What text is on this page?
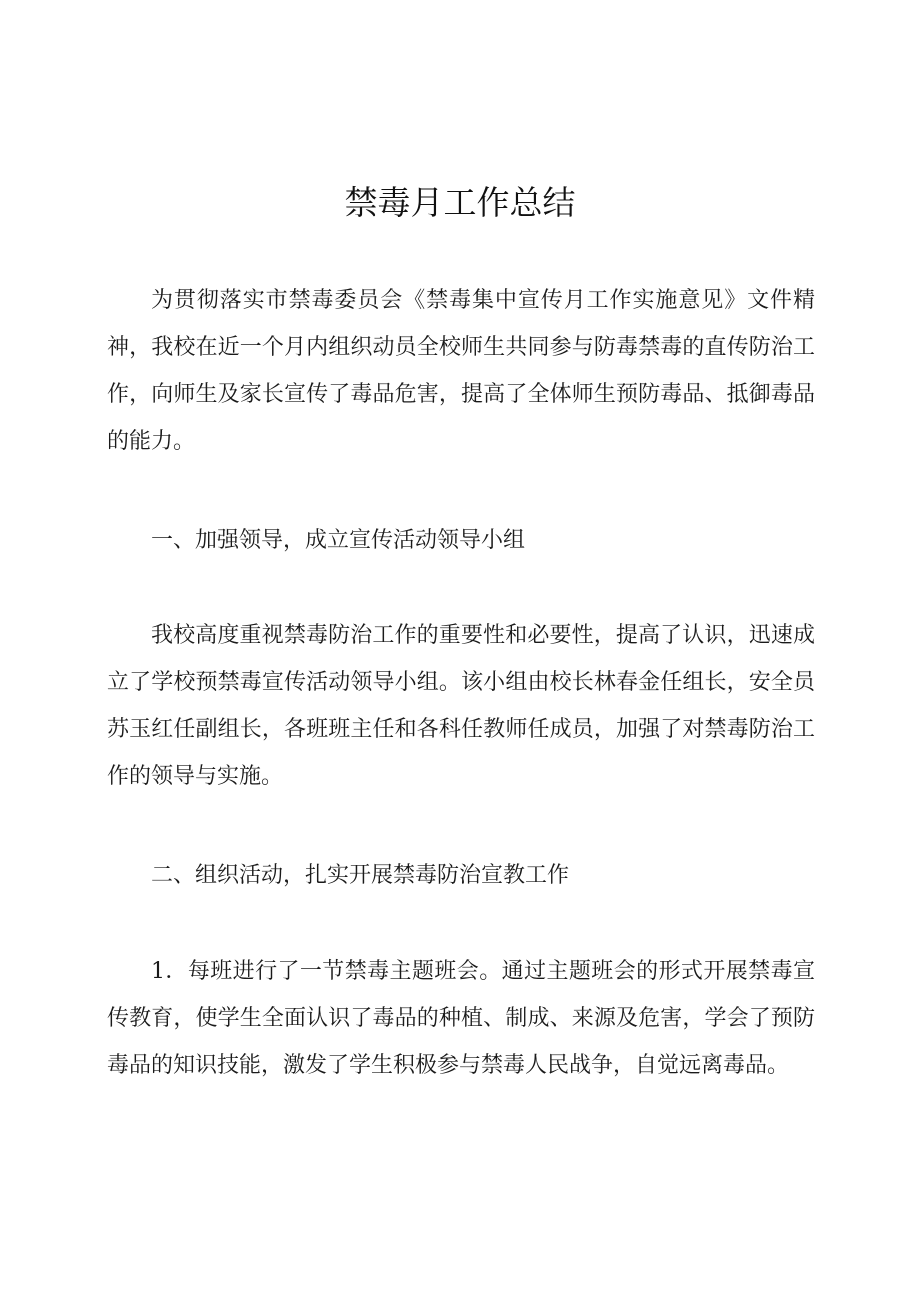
禁毒月工作总结

为贯彻落实市禁毒委员会《禁毒集中宣传月工作实施意见》文件精神，我校在近一个月内组织动员全校师生共同参与防毒禁毒的直传防治工作，向师生及家长宣传了毒品危害，提高了全体师生预防毒品、抵御毒品的能力。

一、加强领导，成立宣传活动领导小组

我校高度重视禁毒防治工作的重要性和必要性，提高了认识，迅速成立了学校预禁毒宣传活动领导小组。该小组由校长林春金任组长，安全员苏玉红任副组长，各班班主任和各科任教师任成员，加强了对禁毒防治工作的领导与实施。

二、组织活动，扎实开展禁毒防治宣教工作

1．每班进行了一节禁毒主题班会。通过主题班会的形式开展禁毒宣传教育，使学生全面认识了毒品的种植、制成、来源及危害，学会了预防毒品的知识技能，激发了学生积极参与禁毒人民战争，自觉远离毒品。
